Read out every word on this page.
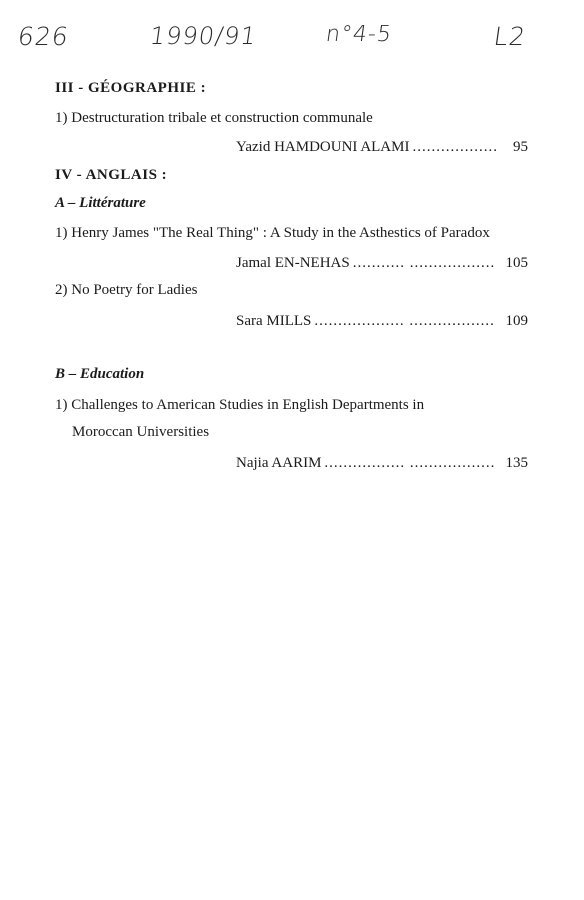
626	1990/91	n°4-5	L2
III - GÉOGRAPHIE :
1) Destructuration tribale et construction communale
Yazid HAMDOUNI ALAMI ..................	95
IV - ANGLAIS :
A – Littérature
1) Henry James "The Real Thing" : A Study in the Asthestics of Paradox
Jamal EN-NEHAS ........... .................. 105
2) No Poetry for Ladies
Sara MILLS ................... .................. 109
B – Education
1) Challenges to American Studies in English Departments in
Moroccan Universities
Najia AARIM ................. .................. 135
